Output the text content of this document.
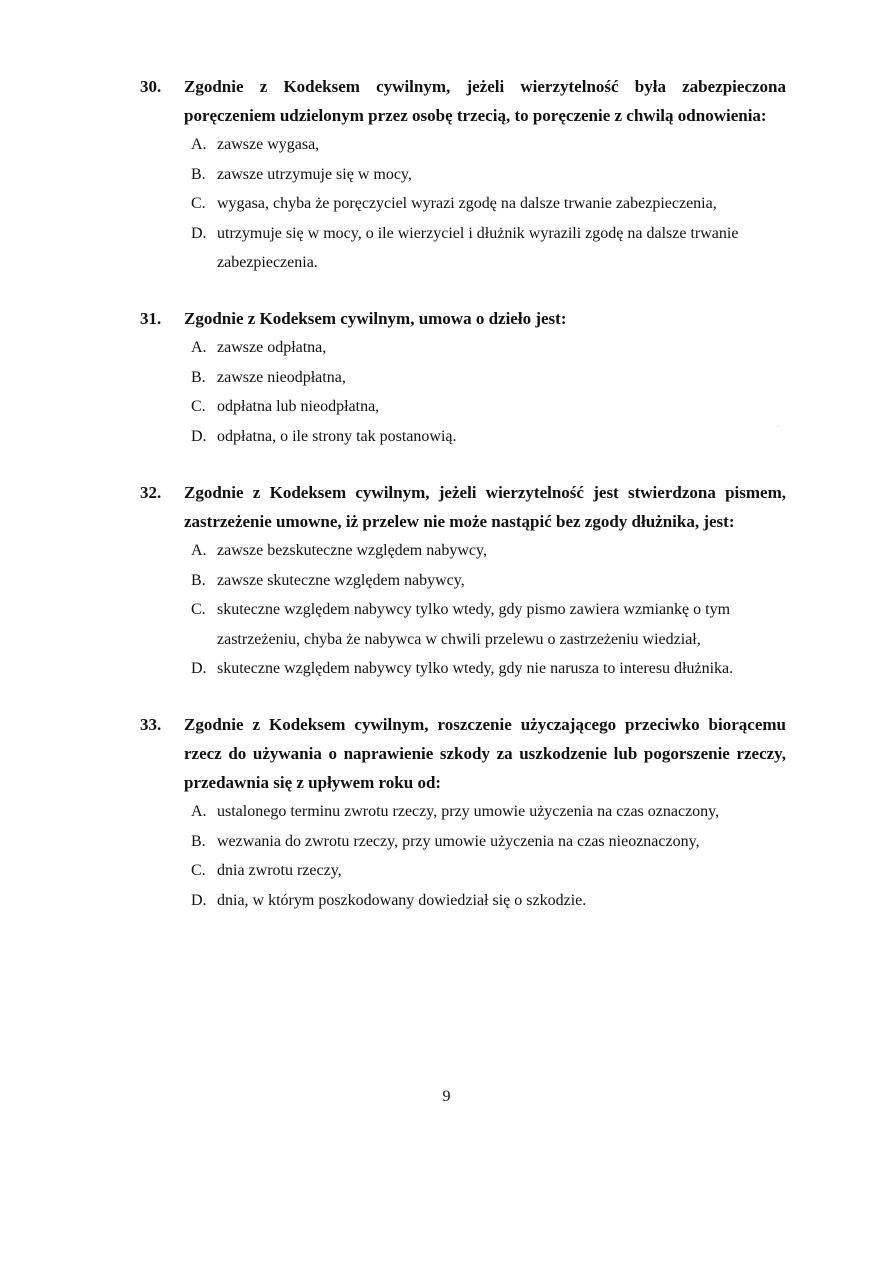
30. Zgodnie z Kodeksem cywilnym, jeżeli wierzytelność była zabezpieczona poręczeniem udzielonym przez osobę trzecią, to poręczenie z chwilą odnowienia:
A. zawsze wygasa,
B. zawsze utrzymuje się w mocy,
C. wygasa, chyba że poręczyciel wyrazi zgodę na dalsze trwanie zabezpieczenia,
D. utrzymuje się w mocy, o ile wierzyciel i dłużnik wyrazili zgodę na dalsze trwanie zabezpieczenia.
31. Zgodnie z Kodeksem cywilnym, umowa o dzieło jest:
A. zawsze odpłatna,
B. zawsze nieodpłatna,
C. odpłatna lub nieodpłatna,
D. odpłatna, o ile strony tak postanowią.
32. Zgodnie z Kodeksem cywilnym, jeżeli wierzytelność jest stwierdzona pismem, zastrzeżenie umowne, iż przelew nie może nastąpić bez zgody dłużnika, jest:
A. zawsze bezskuteczne względem nabywcy,
B. zawsze skuteczne względem nabywcy,
C. skuteczne względem nabywcy tylko wtedy, gdy pismo zawiera wzmiankę o tym zastrzeżeniu, chyba że nabywca w chwili przelewu o zastrzeżeniu wiedział,
D. skuteczne względem nabywcy tylko wtedy, gdy nie narusza to interesu dłużnika.
33. Zgodnie z Kodeksem cywilnym, roszczenie użyczającego przeciwko biorącemu rzecz do używania o naprawienie szkody za uszkodzenie lub pogorszenie rzeczy, przedawnia się z upływem roku od:
A. ustalonego terminu zwrotu rzeczy, przy umowie użyczenia na czas oznaczony,
B. wezwania do zwrotu rzeczy, przy umowie użyczenia na czas nieoznaczony,
C. dnia zwrotu rzeczy,
D. dnia, w którym poszkodowany dowiedział się o szkodzie.
9
